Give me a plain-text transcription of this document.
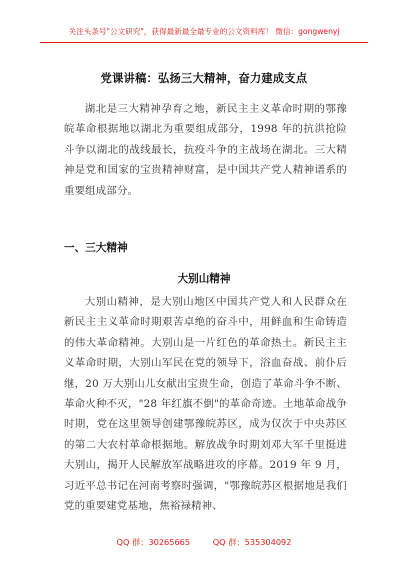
关注头条号"公文研究"，获得最新最全最专业的公文资料库！ 微信：gongwenyj
党课讲稿：弘扬三大精神，奋力建成支点

湖北是三大精神孕育之地，新民主主义革命时期的鄂豫皖革命根据地以湖北为重要组成部分，1998 年的抗洪抢险斗争以湖北的战线最长，抗疫斗争的主战场在湖北。三大精神是党和国家的宝贵精神财富，是中国共产党人精神谱系的重要组成部分。

一、三大精神
大别山精神

大别山精神，是大别山地区中国共产党人和人民群众在新民主主义革命时期艰苦卓绝的奋斗中，用鲜血和生命铸造的伟大革命精神。大别山是一片红色的革命热土。新民主主义革命时期，大别山军民在党的领导下，浴血奋战、前仆后继，20 万大别山儿女献出宝贵生命，创造了革命斗争不断、革命火种不灭，"28 年红旗不倒"的革命奇迹。土地革命战争时期，党在这里领导创建鄂豫皖苏区，成为仅次于中央苏区的第二大农村革命根据地。解放战争时期刘邓大军千里挺进大别山，揭开人民解放军战略进攻的序幕。2019 年 9 月，习近平总书记在河南考察时强调，"鄂豫皖苏区根据地是我们党的重要建党基地，焦裕禄精神、

QQ 群：30265665	QQ 群：535304092
